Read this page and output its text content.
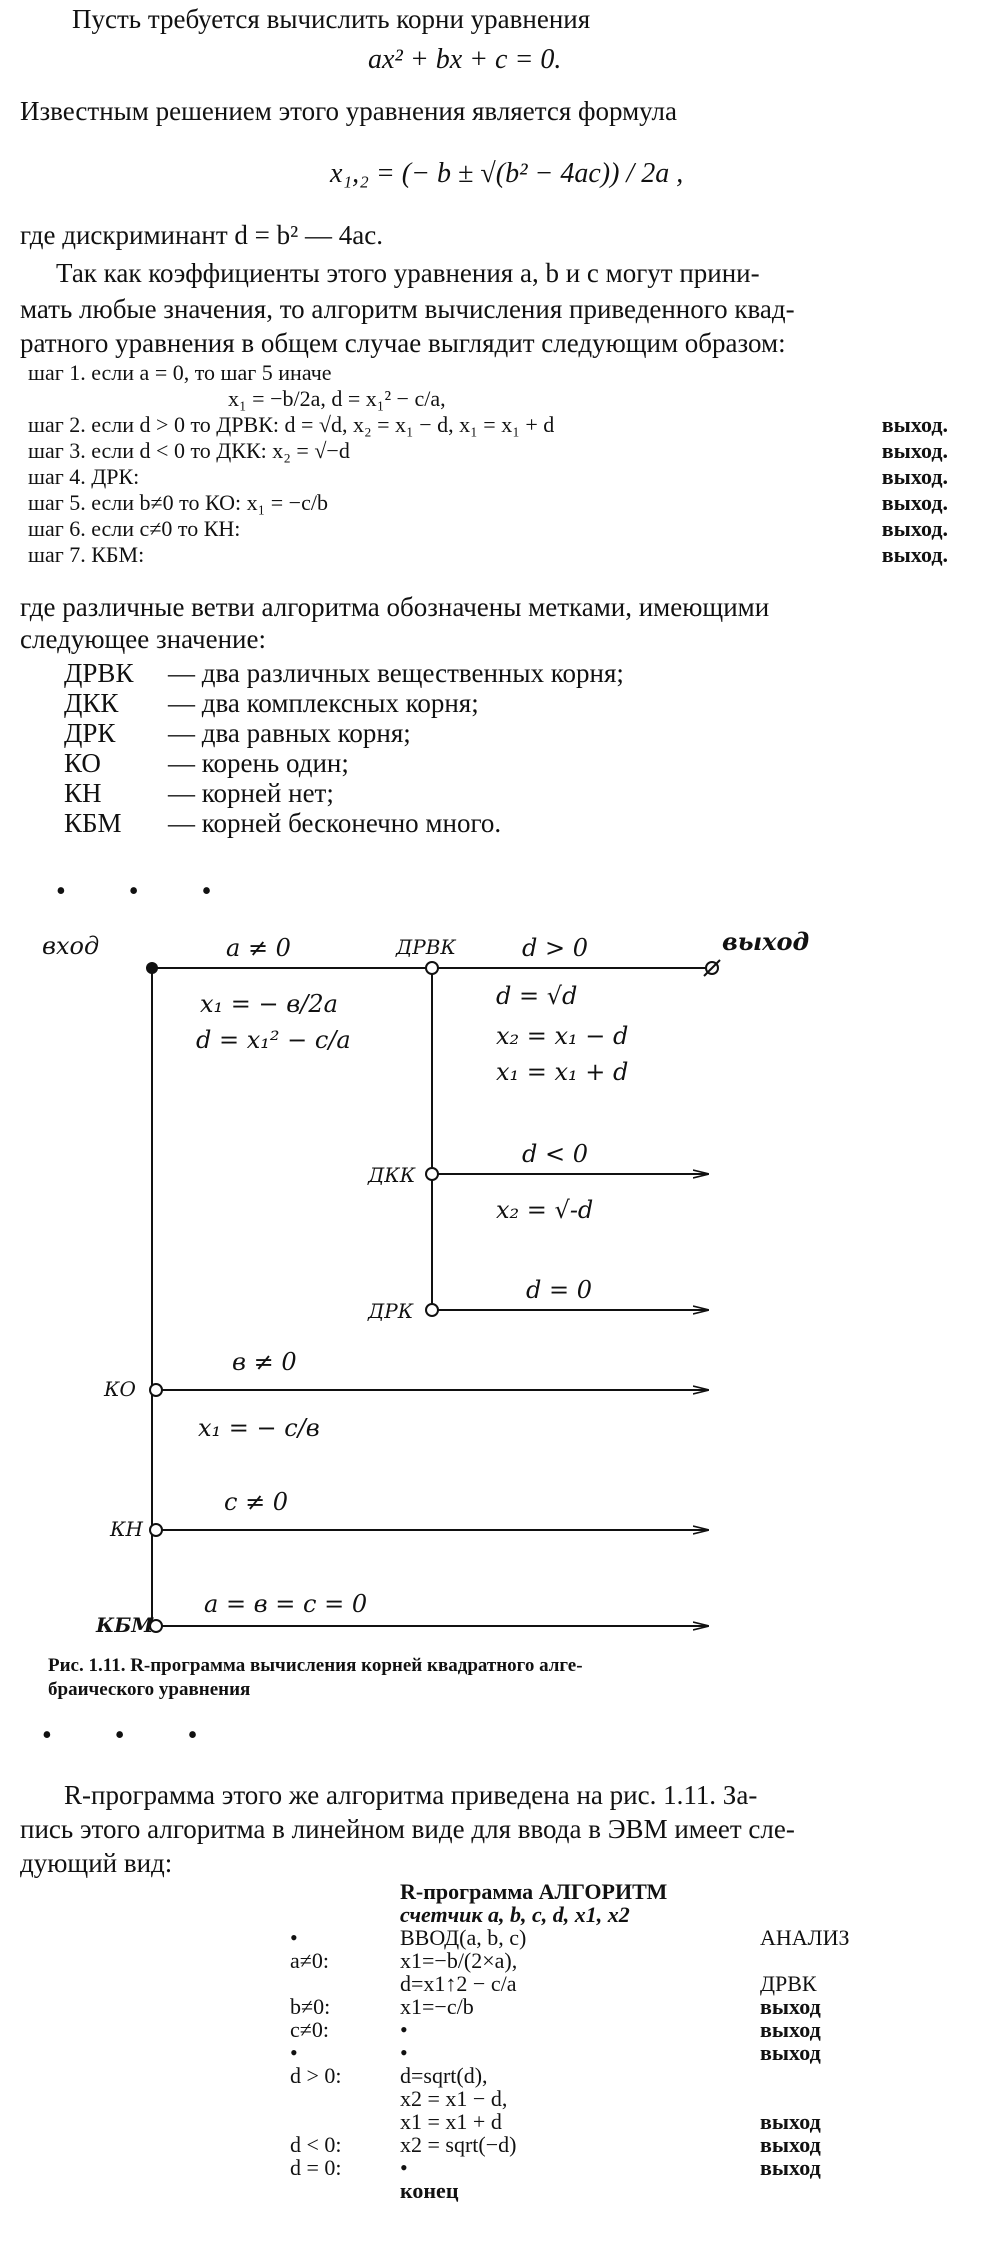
Пусть требуется вычислить корни уравнения
ax² + bx + c = 0.
Известным решением этого уравнения является формула
x₁,₂ = (− b ± √(b² − 4ac)) / 2a ,
где дискриминант d = b² — 4ac.
Так как коэффициенты этого уравнения a, b и c могут прини-
мать любые значения, то алгоритм вычисления приведенного квад-
ратного уравнения в общем случае выглядит следующим образом:
шаг 1. если a = 0, то шаг 5 иначе
x₁ = −b/2a, d = x₁² − c/a,
шаг 2. если d > 0 то ДРВК: d = √d, x₂ = x₁ − d, x₁ = x₁ + d	выход.
шаг 3. если d < 0 то ДКК: x₂ = √−d	выход.
шаг 4. ДРК:	выход.
шаг 5. если b≠0 то КО: x₁ = −c/b	выход.
шаг 6. если c≠0 то КН:	выход.
шаг 7. КБМ:	выход.
где различные ветви алгоритма обозначены метками, имеющими
следующее значение:
ДРВК — два различных вещественных корня;
ДКК — два комплексных корня;
ДРК — два равных корня;
КО — корень один;
КН — корней нет;
КБМ — корней бесконечно много.
• • •
вход	выход
a ≠ 0
x₁ = − в/2a
d = x₁² − c/a
ДРВК	d > 0
d = √d
x₂ = x₁ − d
x₁ = x₁ + d
ДКК
d < 0
x₂ = √-d
ДРК
d = 0
КО
в ≠ 0
x₁ = − c/в
КН
c ≠ 0
КБМ
a = в = c = 0
Рис. 1.11. R-программа вычисления корней квадратного алге-
браического уравнения
• • •
R-программа этого же алгоритма приведена на рис. 1.11. За-
пись этого алгоритма в линейном виде для ввода в ЭВМ имеет сле-
дующий вид:
R-программа АЛГОРИТМ
счетчик a, b, c, d, x1, x2
•	ВВОД(a, b, c)	АНАЛИЗ
a≠0:	x1=−b/(2×a),
d=x1↑2 − c/a	ДРВК
b≠0:	x1=−c/b	выход
c≠0:	•	выход
•	•	выход
d > 0:	d=sqrt(d),
x2 = x1 − d,
x1 = x1 + d	выход
d < 0:	x2 = sqrt(−d)	выход
d = 0:	•	выход
конец
